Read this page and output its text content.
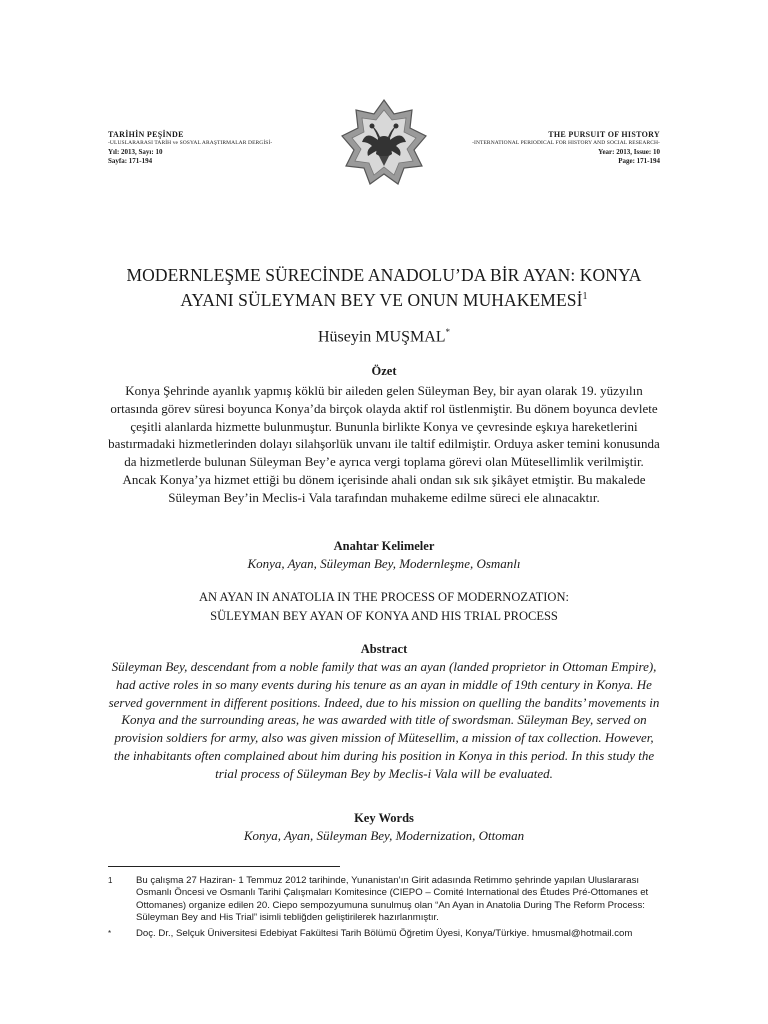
TARİHİN PEŞİNDE
-ULUSLARARASI TARİH ve SOSYAL ARAŞTIRMALAR DERGİSİ-
Yıl: 2013, Sayı: 10
Sayfa: 171-194
THE PURSUIT OF HISTORY
-INTERNATIONAL PERIODICAL FOR HISTORY AND SOCIAL RESEARCH-
Year: 2013, Issue: 10
Page: 171-194
MODERNLEŞME SÜRECİNDE ANADOLU’DA BİR AYAN: KONYA
AYANI SÜLEYMAN BEY VE ONUN MUHAKEMESİ$^1$
Hüseyin MUŞMAL*
Özet
Konya Şehrinde ayanlık yapmış köklü bir aileden gelen Süleyman Bey, bir ayan olarak 19. yüzyılın ortasında görev süresi boyunca Konya’da birçok olayda aktif rol üstlenmiştir. Bu dönem boyunca devlete çeşitli alanlarda hizmette bulunmuştur. Bununla birlikte Konya ve çevresinde eşkıya hareketlerini bastırmadaki hizmetlerinden dolayı silahşorlük unvanı ile taltif edilmiştir. Orduya asker temini konusunda da hizmetlerde bulunan Süleyman Bey’e ayrıca vergi toplama görevi olan Mütesellimlik verilmiştir. Ancak Konya’ya hizmet ettiği bu dönem içerisinde ahali ondan sık sık şikâyet etmiştir. Bu makalede Süleyman Bey’in Meclis-i Vala tarafından muhakeme edilme süreci ele alınacaktır.
Anahtar Kelimeler
Konya, Ayan, Süleyman Bey, Modernleşme, Osmanlı
AN AYAN IN ANATOLIA IN THE PROCESS OF MODERNOZATION:
SÜLEYMAN BEY AYAN OF KONYA AND HIS TRIAL PROCESS
Abstract
Süleyman Bey, descendant from a noble family that was an ayan (landed proprietor in Ottoman Empire), had active roles in so many events during his tenure as an ayan in middle of 19th century in Konya. He served government in different positions. Indeed, due to his mission on quelling the bandits’ movements in Konya and the surrounding areas, he was awarded with title of swordsman. Süleyman Bey, served on provision soldiers for army, also was given mission of Mütesellim, a mission of tax collection. However, the inhabitants often complained about him during his position in Konya in this period. In this study the trial process of Süleyman Bey by Meclis-i Vala will be evaluated.
Key Words
Konya, Ayan, Süleyman Bey, Modernization, Ottoman
1 Bu çalışma 27 Haziran- 1 Temmuz 2012 tarihinde, Yunanistan’ın Girit adasında Retimmo şehrinde yapılan Uluslararası Osmanlı Öncesi ve Osmanlı Tarihi Çalışmaları Komitesince (CIEPO – Comité International des Études Pré-Ottomanes et Ottomanes) organize edilen 20. Ciepo sempozyumuna sunulmuş olan “An Ayan in Anatolia During The Reform Process: Süleyman Bey and His Trial” isimli tebliğden geliştirilerek hazırlanmıştır.
*	Doç. Dr., Selçuk Üniversitesi Edebiyat Fakültesi Tarih Bölümü Öğretim Üyesi, Konya/Türkiye. hmusmal@hotmail.com
